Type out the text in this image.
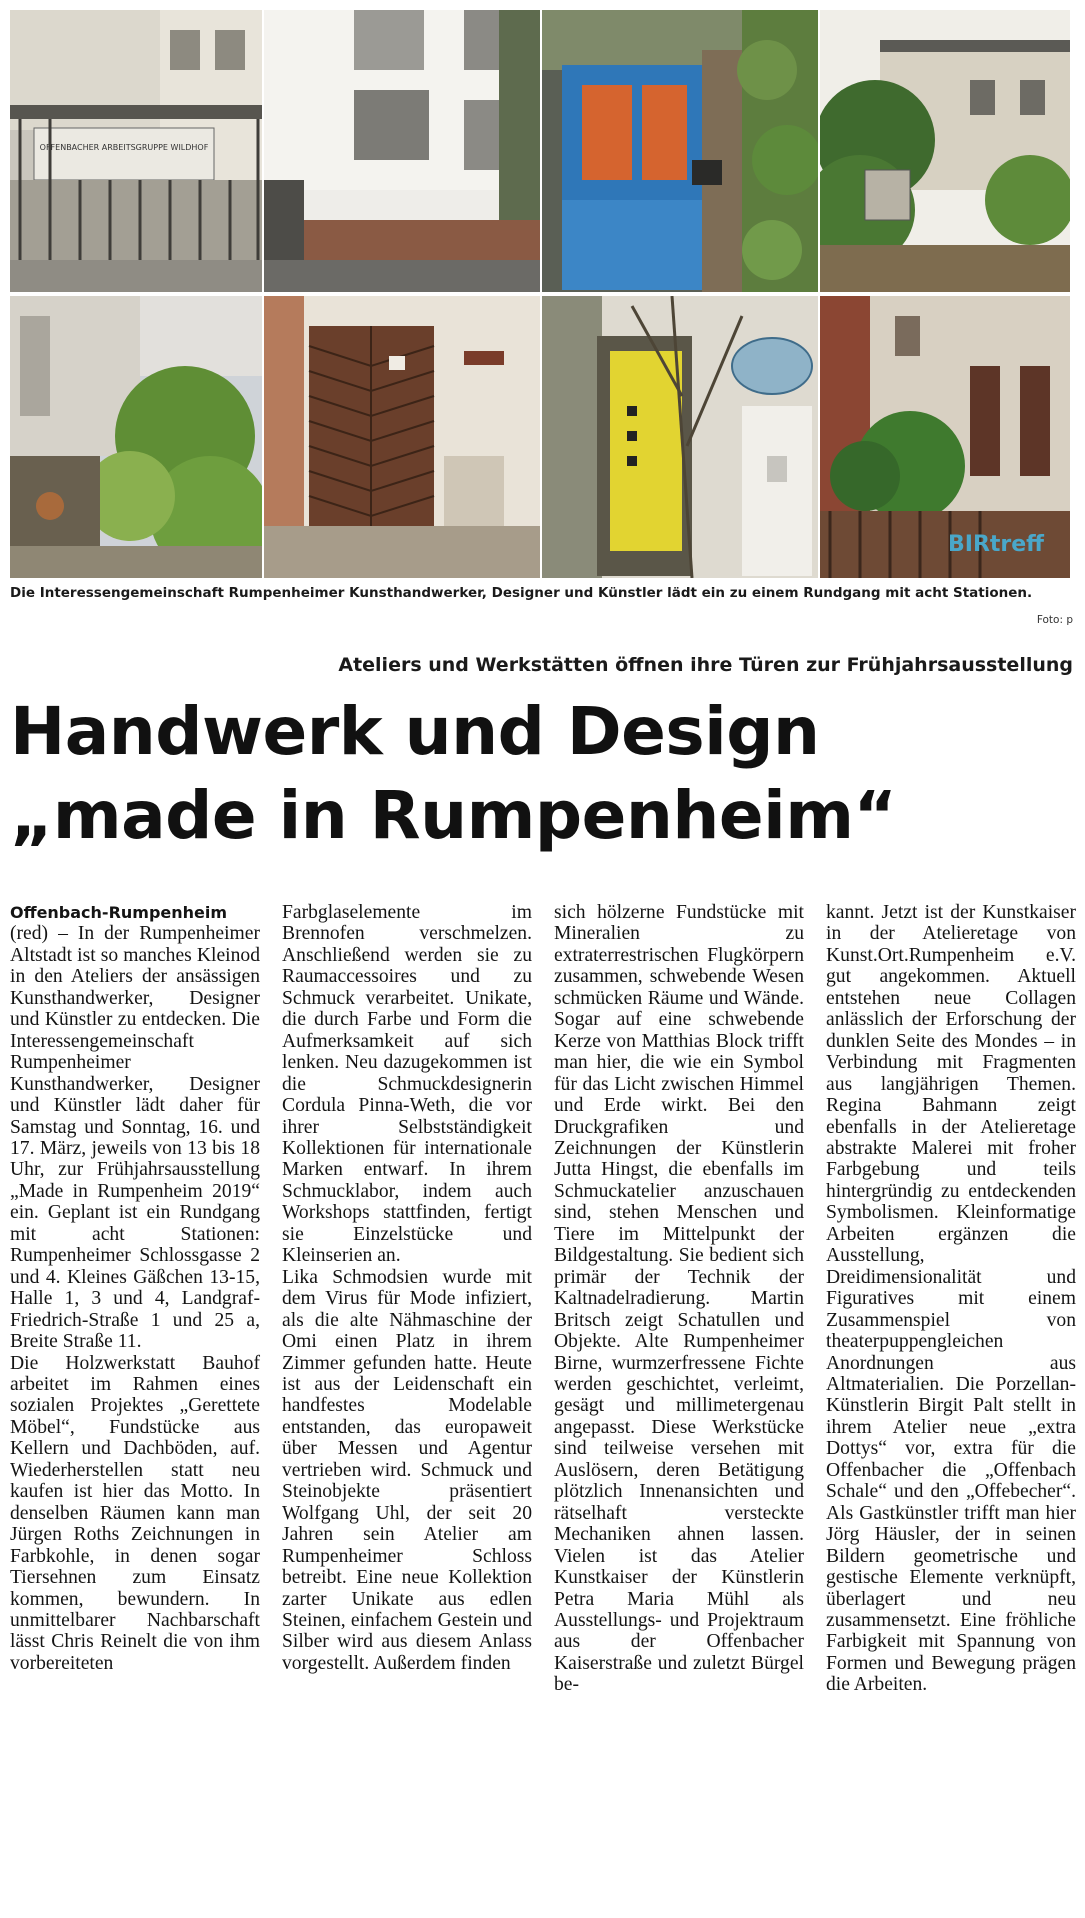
OFFENBACHER ARBEITSGRUPPE WILDHOF
BIRtreff
Die Interessengemeinschaft Rumpenheimer Kunsthandwerker, Designer und Künstler lädt ein zu einem Rundgang mit acht Stationen.
Foto: p
Ateliers und Werkstätten öffnen ihre Türen zur Frühjahrsausstellung
Handwerk und Design
„made in Rumpenheim“

Offenbach-Rumpenheim
(red) – In der Rumpenheimer Altstadt ist so manches Kleinod in den Ateliers der ansässigen Kunsthandwerker, Designer und Künstler zu entdecken. Die Interessengemeinschaft Rumpenheimer Kunsthandwerker, Designer und Künstler lädt daher für Samstag und Sonntag, 16. und 17. März, jeweils von 13 bis 18 Uhr, zur Frühjahrsausstellung „Made in Rumpenheim 2019“ ein. Geplant ist ein Rundgang mit acht Stationen: Rumpenheimer Schlossgasse 2 und 4. Kleines Gäßchen 13-15, Halle 1, 3 und 4, Landgraf-Friedrich-Straße 1 und 25 a, Breite Straße 11.

Die Holzwerkstatt Bauhof arbeitet im Rahmen eines sozialen Projektes „Gerettete Möbel“, Fundstücke aus Kellern und Dachböden, auf. Wiederherstellen statt neu kaufen ist hier das Motto. In denselben Räumen kann man Jürgen Roths Zeichnungen in Farbkohle, in denen sogar Tiersehnen zum Einsatz kommen, bewundern. In unmittelbarer Nachbarschaft lässt Chris Reinelt die von ihm vorbereiteten

Farbglaselemente im Brennofen verschmelzen. Anschließend werden sie zu Raumaccessoires und zu Schmuck verarbeitet. Unikate, die durch Farbe und Form die Aufmerksamkeit auf sich lenken. Neu dazugekommen ist die Schmuckdesignerin Cordula Pinna-Weth, die vor ihrer Selbstständigkeit Kollektionen für internationale Marken entwarf. In ihrem Schmucklabor, indem auch Workshops stattfinden, fertigt sie Einzelstücke und Kleinserien an.

Lika Schmodsien wurde mit dem Virus für Mode infiziert, als die alte Nähmaschine der Omi einen Platz in ihrem Zimmer gefunden hatte. Heute ist aus der Leidenschaft ein handfestes Modelable entstanden, das europaweit über Messen und Agentur vertrieben wird. Schmuck und Steinobjekte präsentiert Wolfgang Uhl, der seit 20 Jahren sein Atelier am Rumpenheimer Schloss betreibt. Eine neue Kollektion zarter Unikate aus edlen Steinen, einfachem Gestein und Silber wird aus diesem Anlass vorgestellt. Außerdem finden

sich hölzerne Fundstücke mit Mineralien zu extraterrestrischen Flugkörpern zusammen, schwebende Wesen schmücken Räume und Wände. Sogar auf eine schwebende Kerze von Matthias Block trifft man hier, die wie ein Symbol für das Licht zwischen Himmel und Erde wirkt. Bei den Druckgrafiken und Zeichnungen der Künstlerin Jutta Hingst, die ebenfalls im Schmuckatelier anzuschauen sind, stehen Menschen und Tiere im Mittelpunkt der Bildgestaltung. Sie bedient sich primär der Technik der Kaltnadelradierung. Martin Britsch zeigt Schatullen und Objekte. Alte Rumpenheimer Birne, wurmzerfressene Fichte werden geschichtet, verleimt, gesägt und millimetergenau angepasst. Diese Werkstücke sind teilweise versehen mit Auslösern, deren Betätigung plötzlich Innenansichten und rätselhaft versteckte Mechaniken ahnen lassen. Vielen ist das Atelier Kunstkaiser der Künstlerin Petra Maria Mühl als Ausstellungs- und Projektraum aus der Offenbacher Kaiserstraße und zuletzt Bürgel be-

kannt. Jetzt ist der Kunstkaiser in der Atelieretage von Kunst.Ort.Rumpenheim e.V. gut angekommen. Aktuell entstehen neue Collagen anlässlich der Erforschung der dunklen Seite des Mondes – in Verbindung mit Fragmenten aus langjährigen Themen. Regina Bahmann zeigt ebenfalls in der Atelieretage abstrakte Malerei mit froher Farbgebung und teils hintergründig zu entdeckenden Symbolismen. Kleinformatige Arbeiten ergänzen die Ausstellung, Dreidimensionalität und Figuratives mit einem Zusammenspiel von theaterpuppengleichen Anordnungen aus Altmaterialien. Die Porzellan-Künstlerin Birgit Palt stellt in ihrem Atelier neue „extra Dottys“ vor, extra für die Offenbacher die „Offenbach Schale“ und den „Offebecher“. Als Gastkünstler trifft man hier Jörg Häusler, der in seinen Bildern geometrische und gestische Elemente verknüpft, überlagert und neu zusammensetzt. Eine fröhliche Farbigkeit mit Spannung von Formen und Bewegung prägen die Arbeiten.
